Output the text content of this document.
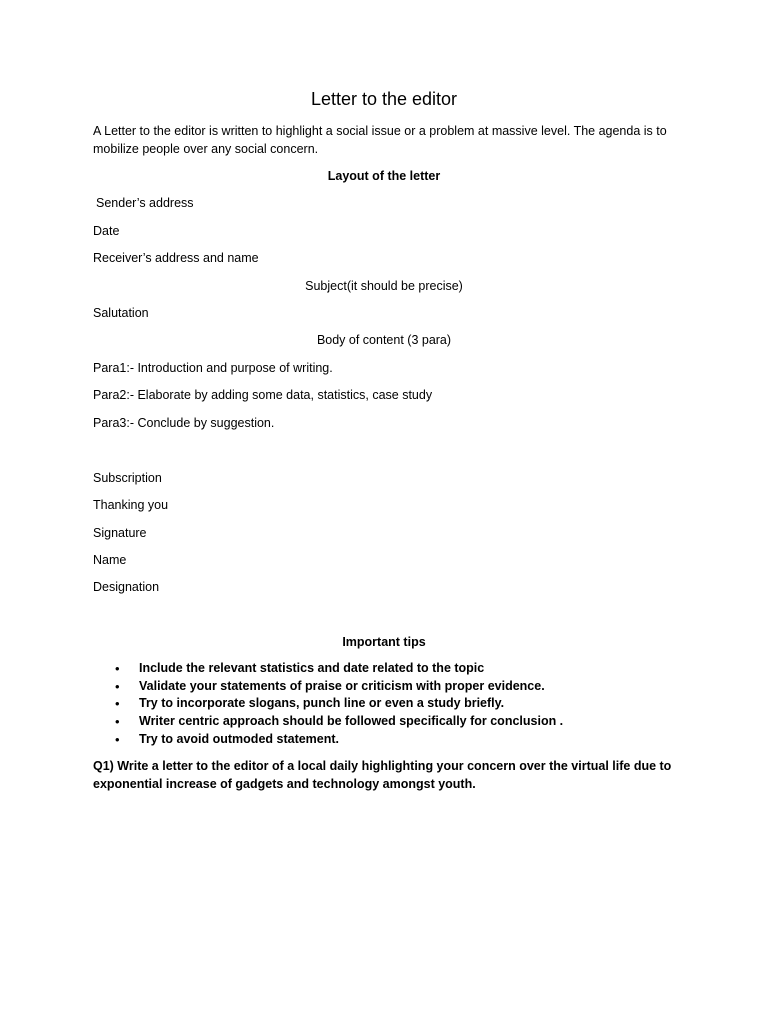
Letter to the editor

A Letter to the editor is written to highlight a social issue or a problem at massive level. The agenda is to mobilize people over any social concern.

Layout of the letter

Sender’s address

Date

Receiver’s address and name

Subject(it should be precise)

Salutation

Body of content (3 para)

Para1:- Introduction and purpose of writing.

Para2:- Elaborate by adding some data, statistics, case study

Para3:- Conclude by suggestion.

Subscription

Thanking you

Signature

Name

Designation

Important tips

• Include the relevant statistics and date related to the topic
• Validate your statements of praise or criticism with proper evidence.
• Try to incorporate slogans, punch line or even a study briefly.
• Writer centric approach should be followed specifically for conclusion .
• Try to avoid outmoded statement.

Q1) Write a letter to the editor of a local daily highlighting your concern over the virtual life due to exponential increase of gadgets and technology amongst youth.
